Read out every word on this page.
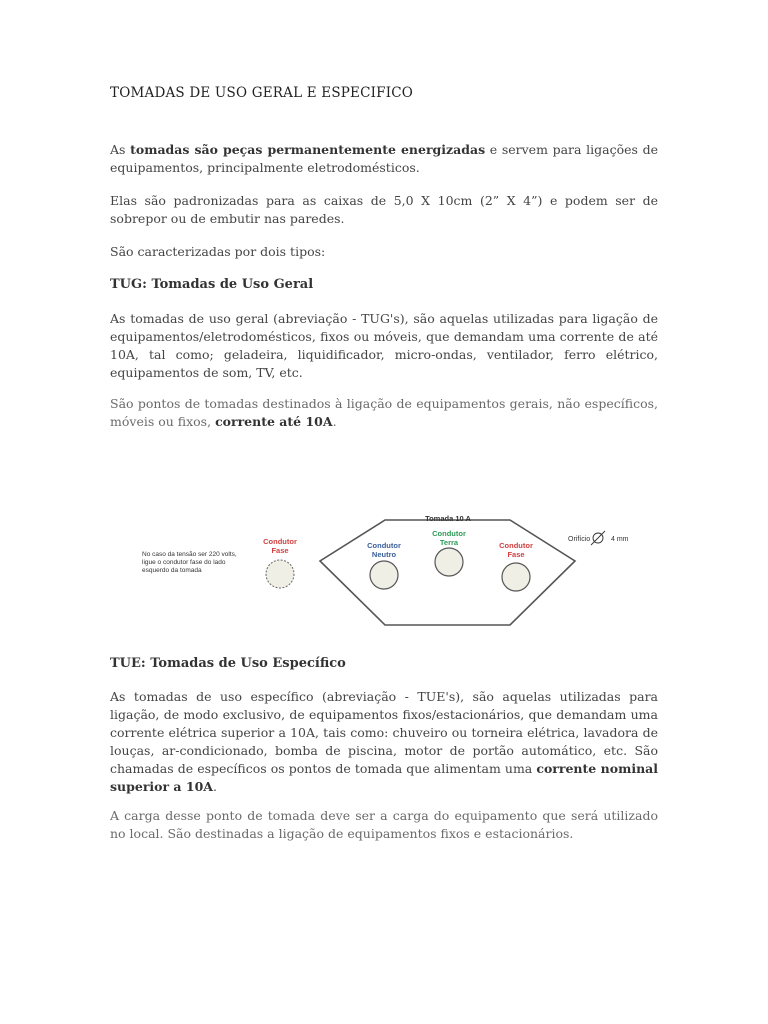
TOMADAS DE USO GERAL E ESPECIFICO

As tomadas são peças permanentemente energizadas e servem para ligações de equipamentos, principalmente eletrodomésticos.

Elas são padronizadas para as caixas de 5,0 X 10cm (2” X 4”) e podem ser de sobrepor ou de embutir nas paredes.

São caracterizadas por dois tipos:

TUG: Tomadas de Uso Geral

As tomadas de uso geral (abreviação - TUG's), são aquelas utilizadas para ligação de equipamentos/eletrodomésticos, fixos ou móveis, que demandam uma corrente de até 10A, tal como; geladeira, liquidificador, micro-ondas, ventilador, ferro elétrico, equipamentos de som, TV, etc.

São pontos de tomadas destinados à ligação de equipamentos gerais, não específicos, móveis ou fixos, corrente até 10A.

No caso da tensão ser 220 volts,
ligue o condutor fase do lado
esquerdo da tomada
Condutor
Fase
Tomada 10 A
Condutor
Neutro
Condutor
Terra	Condutor
Fase
Orifício	4 mm
TUE: Tomadas de Uso Específico

As tomadas de uso específico (abreviação - TUE's), são aquelas utilizadas para ligação, de modo exclusivo, de equipamentos fixos/estacionários, que demandam uma corrente elétrica superior a 10A, tais como: chuveiro ou torneira elétrica, lavadora de louças, ar-condicionado, bomba de piscina, motor de portão automático, etc. São chamadas de específicos os pontos de tomada que alimentam uma corrente nominal superior a 10A.

A carga desse ponto de tomada deve ser a carga do equipamento que será utilizado no local. São destinadas a ligação de equipamentos fixos e estacionários.
